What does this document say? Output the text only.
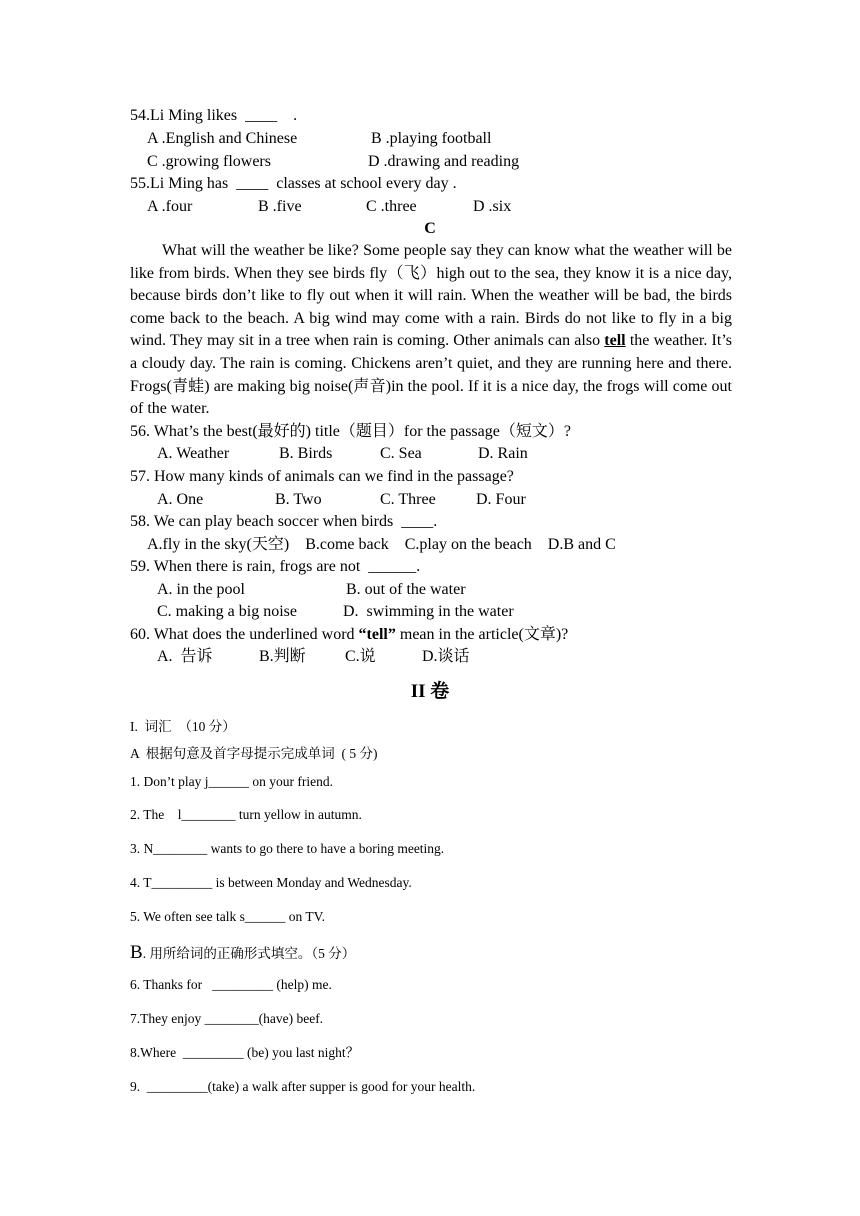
54.Li Ming likes  ____    .
A .English and Chinese	B .playing football
C .growing flowers	D .drawing and reading
55.Li Ming has  ____  classes at school every day .
A .four	B .five	C .three	D .six
C
What will the weather be like? Some people say they can know what the weather will be like from birds. When they see birds fly（飞）high out to the sea, they know it is a nice day, because birds don’t like to fly out when it will rain. When the weather will be bad, the birds come back to the beach. A big wind may come with a rain. Birds do not like to fly in a big wind. They may sit in a tree when rain is coming. Other animals can also tell the weather. It’s a cloudy day. The rain is coming. Chickens aren’t quiet, and they are running here and there. Frogs(青蛙) are making big noise(声音)in the pool. If it is a nice day, the frogs will come out of the water.
56. What’s the best(最好的) title（题目）for the passage（短文）?
A. Weather	B. Birds	C. Sea	D. Rain
57. How many kinds of animals can we find in the passage?
A. One	B. Two	C. Three	D. Four
58. We can play beach soccer when birds  ____.
A.fly in the sky(天空)    B.come back    C.play on the beach    D.B and C
59. When there is rain, frogs are not  ______.
A. in the pool	B. out of the water
C. making a big noise	D.  swimming in the water
60. What does the underlined word “tell” mean in the article(文章)?
A.  告诉	B.判断 C.说	D.谈话
II 卷
I.  词汇  （10 分）
A  根据句意及首字母提示完成单词  ( 5 分)
1. Don’t play j______ on your friend.
2. The    l________ turn yellow in autumn.
3. N________ wants to go there to have a boring meeting.
4. T_________ is between Monday and Wednesday.
5. We often see talk s______ on TV.
B. 用所给词的正确形式填空。（5 分）
6. Thanks for   _________ (help) me.
7.They enjoy ________(have) beef.
8.Where  _________ (be) you last night？
9.  _________(take) a walk after supper is good for your health.
